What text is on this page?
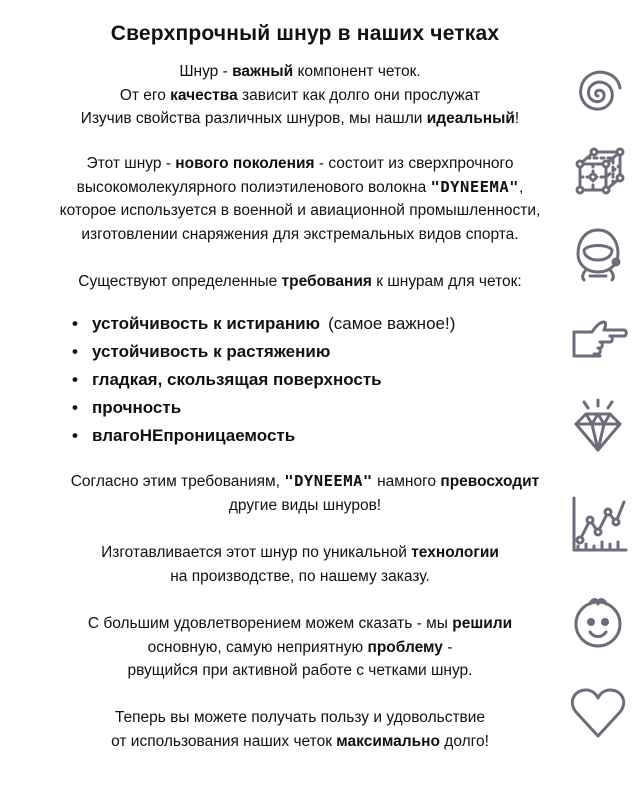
Сверхпрочный шнур в наших четках
Шнур - важный компонент четок.
От его качества зависит как долго они прослужат
Изучив свойства различных шнуров, мы нашли идеальный!
Этот шнур - нового поколения - состоит из сверхпрочного
высокомолекулярного полиэтиленового волокна "DYNEEMA",
которое используется в военной и авиационной промышленности,
изготовлении снаряжения для экстремальных видов спорта.
Существуют определенные требования к шнурам для четок:
• устойчивость к истиранию (самое важное!)
• устойчивость к растяжению
• гладкая, скользящая поверхность
• прочность
• влагоНЕпроницаемость
Согласно этим требованиям, "DYNEEMA" намного превосходит
другие виды шнуров!
Изготавливается этот шнур по уникальной технологии
на производстве, по нашему заказу.
С большим удовлетворением можем сказать - мы решили
основную, самую неприятную проблему -
рвущийся при активной работе с четками шнур.
Теперь вы можете получать пользу и удовольствие
от использования наших четок максимально долго!
